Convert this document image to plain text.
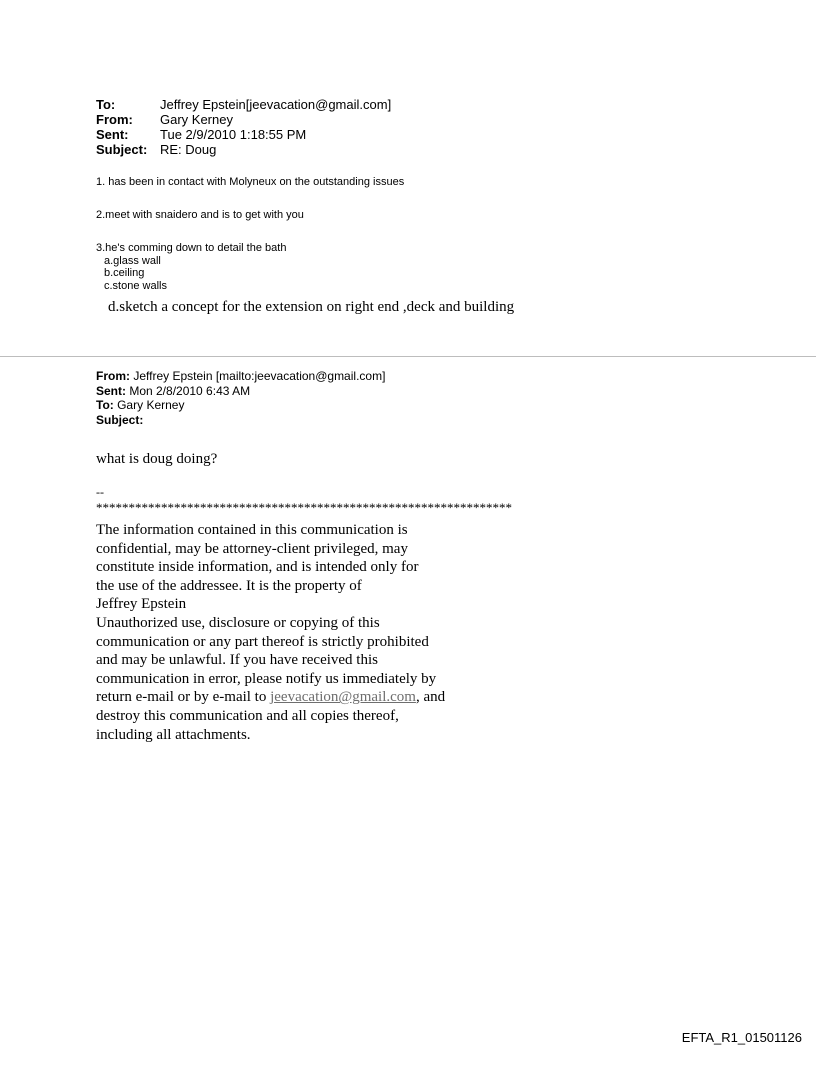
To:	Jeffrey Epstein[jeevacation@gmail.com]
From:	Gary Kerney
Sent:	Tue 2/9/2010 1:18:55 PM
Subject:	RE: Doug
1. has been in contact with Molyneux on the outstanding issues
2.meet with snaidero and is to get with you
3.he's comming down to detail the bath
a.glass wall
b.ceiling
c.stone walls
d.sketch a concept for the extension on right end ,deck and building
From: Jeffrey Epstein [mailto:jeevacation@gmail.com]
Sent: Mon 2/8/2010 6:43 AM
To: Gary Kerney
Subject:
what is doug doing?
--
****************************************************************
The information contained in this communication is
confidential, may be attorney-client privileged, may
constitute inside information, and is intended only for
the use of the addressee. It is the property of
Jeffrey Epstein
Unauthorized use, disclosure or copying of this
communication or any part thereof is strictly prohibited
and may be unlawful. If you have received this
communication in error, please notify us immediately by
return e-mail or by e-mail to jeevacation@gmail.com, and
destroy this communication and all copies thereof,
including all attachments.
EFTA_R1_01501126
